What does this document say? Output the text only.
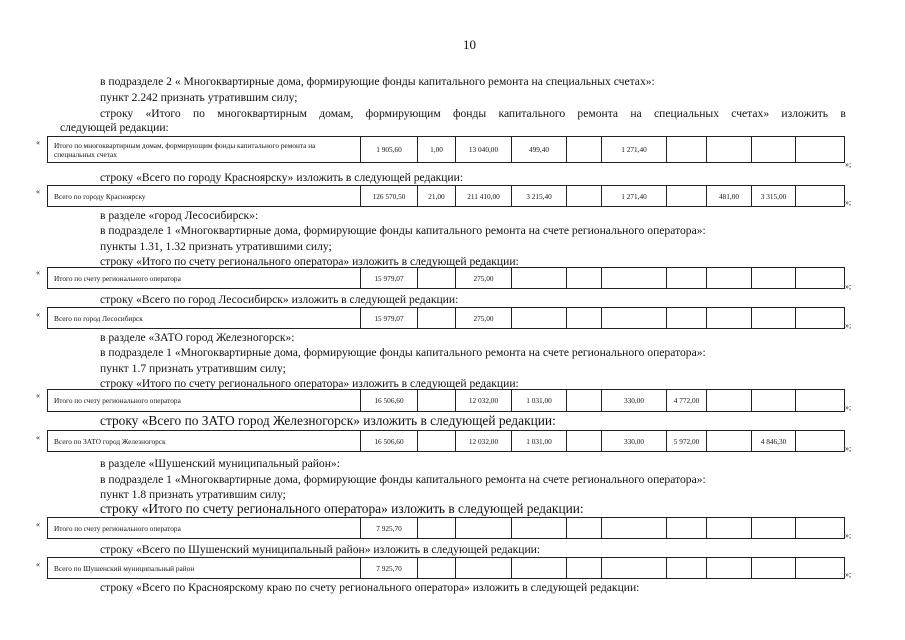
10
в подразделе 2 « Многоквартирные дома, формирующие фонды капитального ремонта на специальных счетах»:
пункт 2.242 признать утратившим силу;
строку «Итого по многоквартирным домам, формирующим фонды капитального ремонта на специальных счетах» изложить в
следующей редакции:
« Итого по многоквартирным домам, формирующим фонды капитального ремонта на специальных счетах	1 905,60	1,00	13 040,00	499,40		1 271,40				
»;
строку «Всего по городу Красноярску» изложить в следующей редакции:
« Всего по городу Красноярску	126 570,50	21,00	211 410,00	3 215,40		1 271,40		481,00	3 315,00	
»;
в разделе «город Лесосибирск»:
в подразделе 1 «Многоквартирные дома, формирующие фонды капитального ремонта на счете регионального оператора»:
пункты 1.31, 1.32 признать утратившими силу;
строку «Итого по счету регионального оператора» изложить в следующей редакции:
«
Итого по счету регионального оператора	15 979,07		275,00							
»;
строку «Всего по город Лесосибирск» изложить в следующей редакции:
« Всего по город Лесосибирск	15 979,07		275,00							
»;
в разделе «ЗАТО город Железногорск»:
в подразделе 1 «Многоквартирные дома, формирующие фонды капитального ремонта на счете регионального оператора»:
пункт 1.7 признать утратившим силу;
строку «Итого по счету регионального оператора» изложить в следующей редакции:
«
Итого по счету регионального оператора	16 506,60		12 032,00	1 031,00		330,00	4 772,00			
»;
строку «Всего по ЗАТО город Железногорск» изложить в следующей редакции:
« Всего по ЗАТО город Железногорск	16 506,60		12 032,00	1 031,00		330,00	5 972,00		4 846,30	
»;
в разделе «Шушенский муниципальный район»:
в подразделе 1 «Многоквартирные дома, формирующие фонды капитального ремонта на счете регионального оператора»:
пункт 1.8 признать утратившим силу;
строку «Итого по счету регионального оператора» изложить в следующей редакции:
« Итого по счету регионального оператора	7 925,70									
»;
строку «Всего по Шушенский муниципальный район» изложить в следующей редакции:
« Всего по Шушенский муниципальный район	7 925,70									
»;
строку «Всего по Красноярскому краю по счету регионального оператора» изложить в следующей редакции:
